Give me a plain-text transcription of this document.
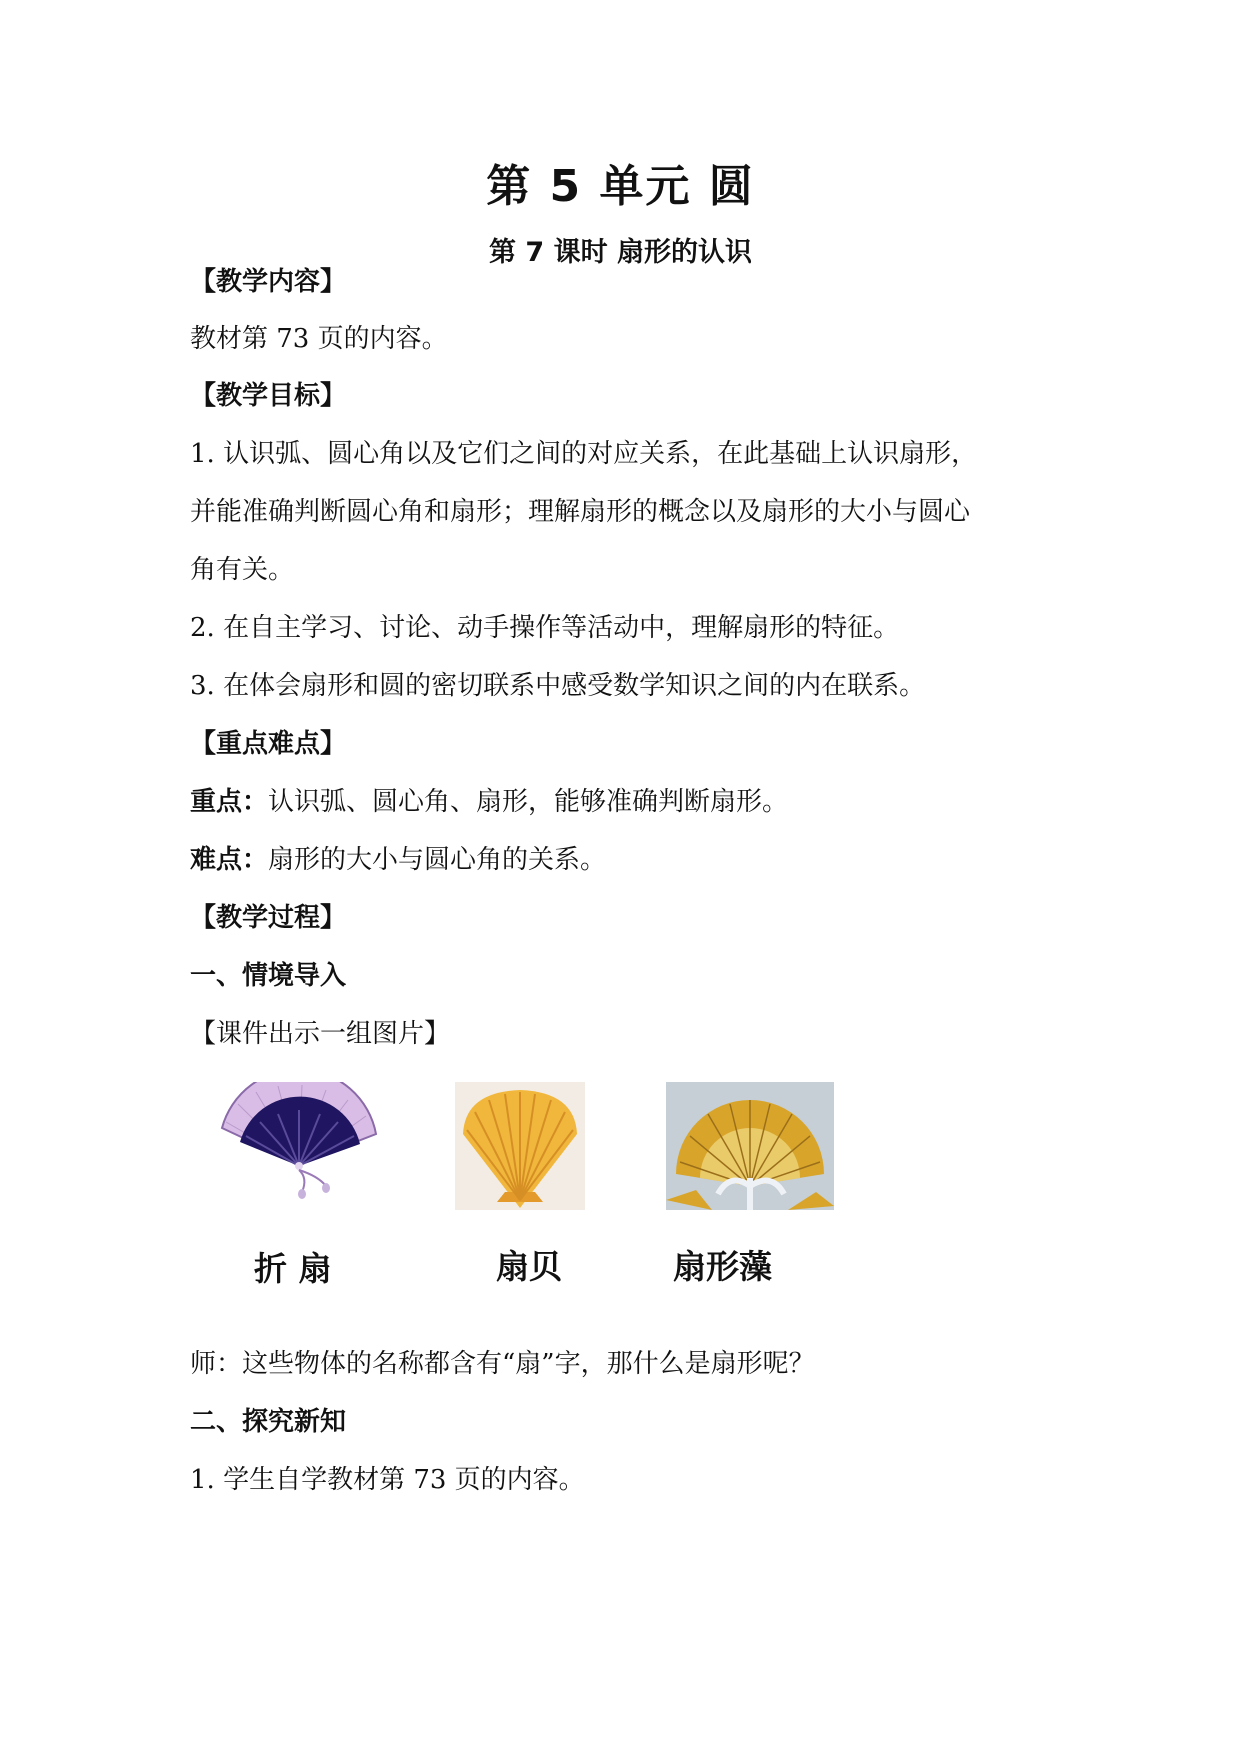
第 5 单元 圆
第 7 课时 扇形的认识

【教学内容】

教材第 73 页的内容。

【教学目标】

1. 认识弧、圆心角以及它们之间的对应关系，在此基础上认识扇形，

并能准确判断圆心角和扇形；理解扇形的概念以及扇形的大小与圆心

角有关。

2. 在自主学习、讨论、动手操作等活动中，理解扇形的特征。

3. 在体会扇形和圆的密切联系中感受数学知识之间的内在联系。

【重点难点】

重点：认识弧、圆心角、扇形，能够准确判断扇形。

难点：扇形的大小与圆心角的关系。

【教学过程】

一、情境导入

【课件出示一组图片】

折 扇	扇贝	扇形藻

师：这些物体的名称都含有“扇”字，那什么是扇形呢？

二、探究新知

1. 学生自学教材第 73 页的内容。
